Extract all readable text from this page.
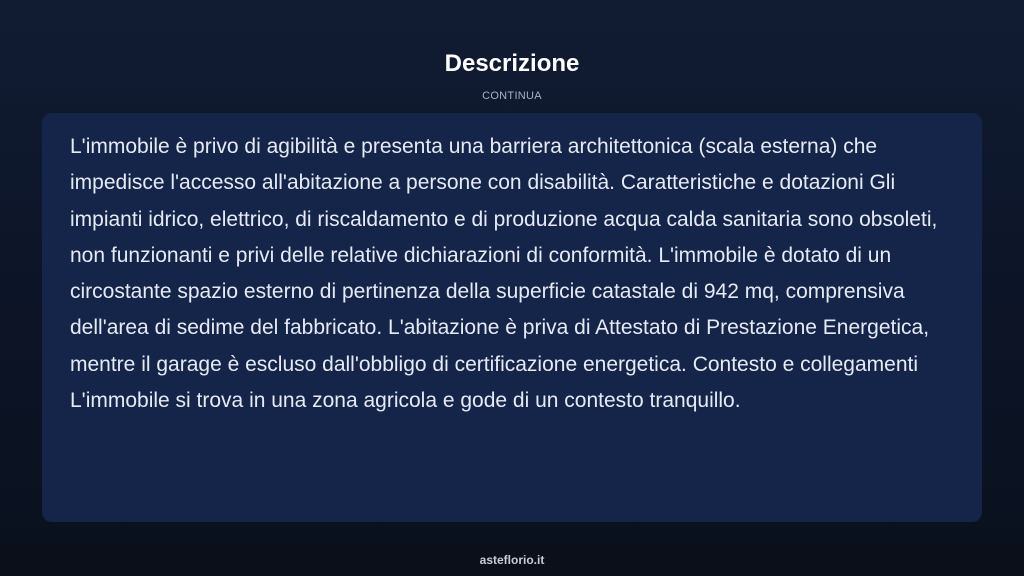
Descrizione
CONTINUA

L'immobile è privo di agibilità e presenta una barriera architettonica (scala esterna) che impedisce l'accesso all'abitazione a persone con disabilità. Caratteristiche e dotazioni Gli impianti idrico, elettrico, di riscaldamento e di produzione acqua calda sanitaria sono obsoleti, non funzionanti e privi delle relative dichiarazioni di conformità. L'immobile è dotato di un circostante spazio esterno di pertinenza della superficie catastale di 942 mq, comprensiva dell'area di sedime del fabbricato. L'abitazione è priva di Attestato di Prestazione Energetica, mentre il garage è escluso dall'obbligo di certificazione energetica. Contesto e collegamenti L'immobile si trova in una zona agricola e gode di un contesto tranquillo.

asteflorio.it
